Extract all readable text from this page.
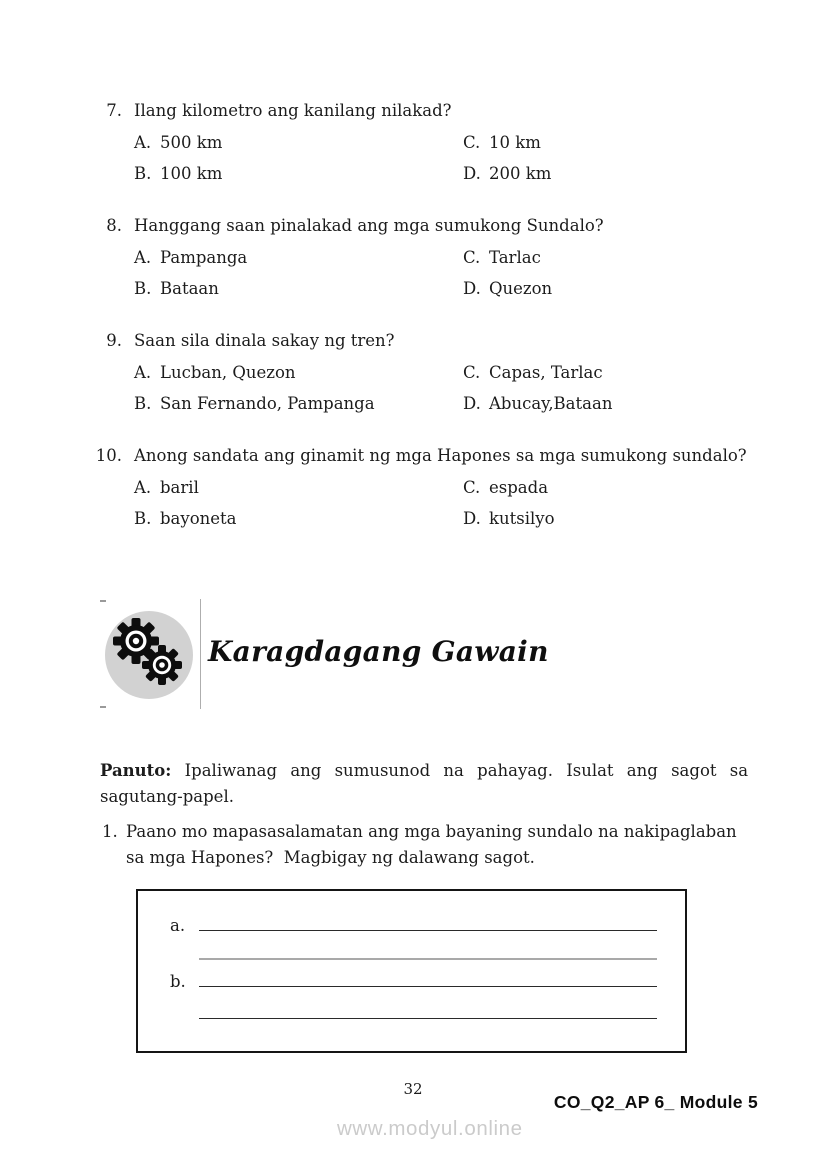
7. Ilang kilometro ang kanilang nilakad?
A. 500 km	C. 10 km
B. 100 km	D. 200 km
8. Hanggang saan pinalakad ang mga sumukong Sundalo?
A. Pampanga	C. Tarlac
B. Bataan	D. Quezon
9. Saan sila dinala sakay ng tren?
A. Lucban, Quezon	C. Capas, Tarlac
B. San Fernando, Pampanga	D. Abucay,Bataan
10. Anong sandata ang ginamit ng mga Hapones sa mga sumukong sundalo?
A. baril	C. espada
B. bayoneta	D. kutsilyo
Karagdagang Gawain
Panuto: Ipaliwanag ang sumusunod na pahayag. Isulat ang sagot sa
sagutang-papel.
1. Paano mo mapasasalamatan ang mga bayaning sundalo na nakipaglaban
sa mga Hapones?  Magbigay ng dalawang sagot.
a.
b.
32
CO_Q2_AP 6_ Module 5
www.modyul.online
